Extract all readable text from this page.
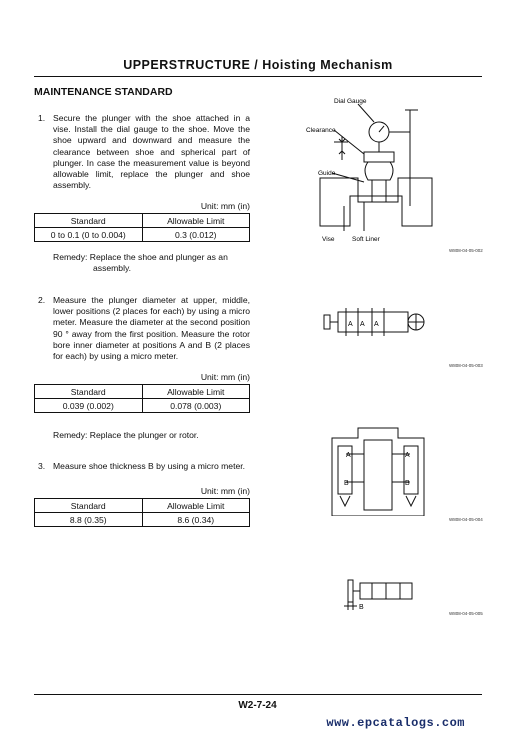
UPPERSTRUCTURE / Hoisting Mechanism
MAINTENANCE STANDARD
1. Secure the plunger with the shoe attached in a vise. Install the dial gauge to the shoe. Move the shoe upward and downward and measure the clearance between shoe and spherical part of plunger. In case the measurement value is beyond allowable limit, replace the plunger and shoe assembly.
Unit: mm (in)
Standard	Allowable Limit
0 to 0.1 (0 to 0.004)	0.3 (0.012)
Remedy: Replace the shoe and plunger as an
assembly.
2. Measure the plunger diameter at upper, middle, lower positions (2 places for each) by using a micro meter. Measure the diameter at the second position 90 ° away from the first position. Measure the rotor bore inner diameter at positions A and B (2 places for each) by using a micro meter.
Unit: mm (in)
Standard	Allowable Limit
0.039 (0.002)	0.078 (0.003)
Remedy: Replace the plunger or rotor.
3. Measure shoe thickness B by using a micro meter.
Unit: mm (in)
Standard	Allowable Limit
8.8 (0.35)	8.6 (0.34)
Dial Gauge
Clearance
Guide
Vise	Soft Liner
W808-04-05-002
A A A
W808-04-05-003
A
B
A
B
W808-04-05-004
B
W808-04-05-005
W2-7-24
www.epcatalogs.com
